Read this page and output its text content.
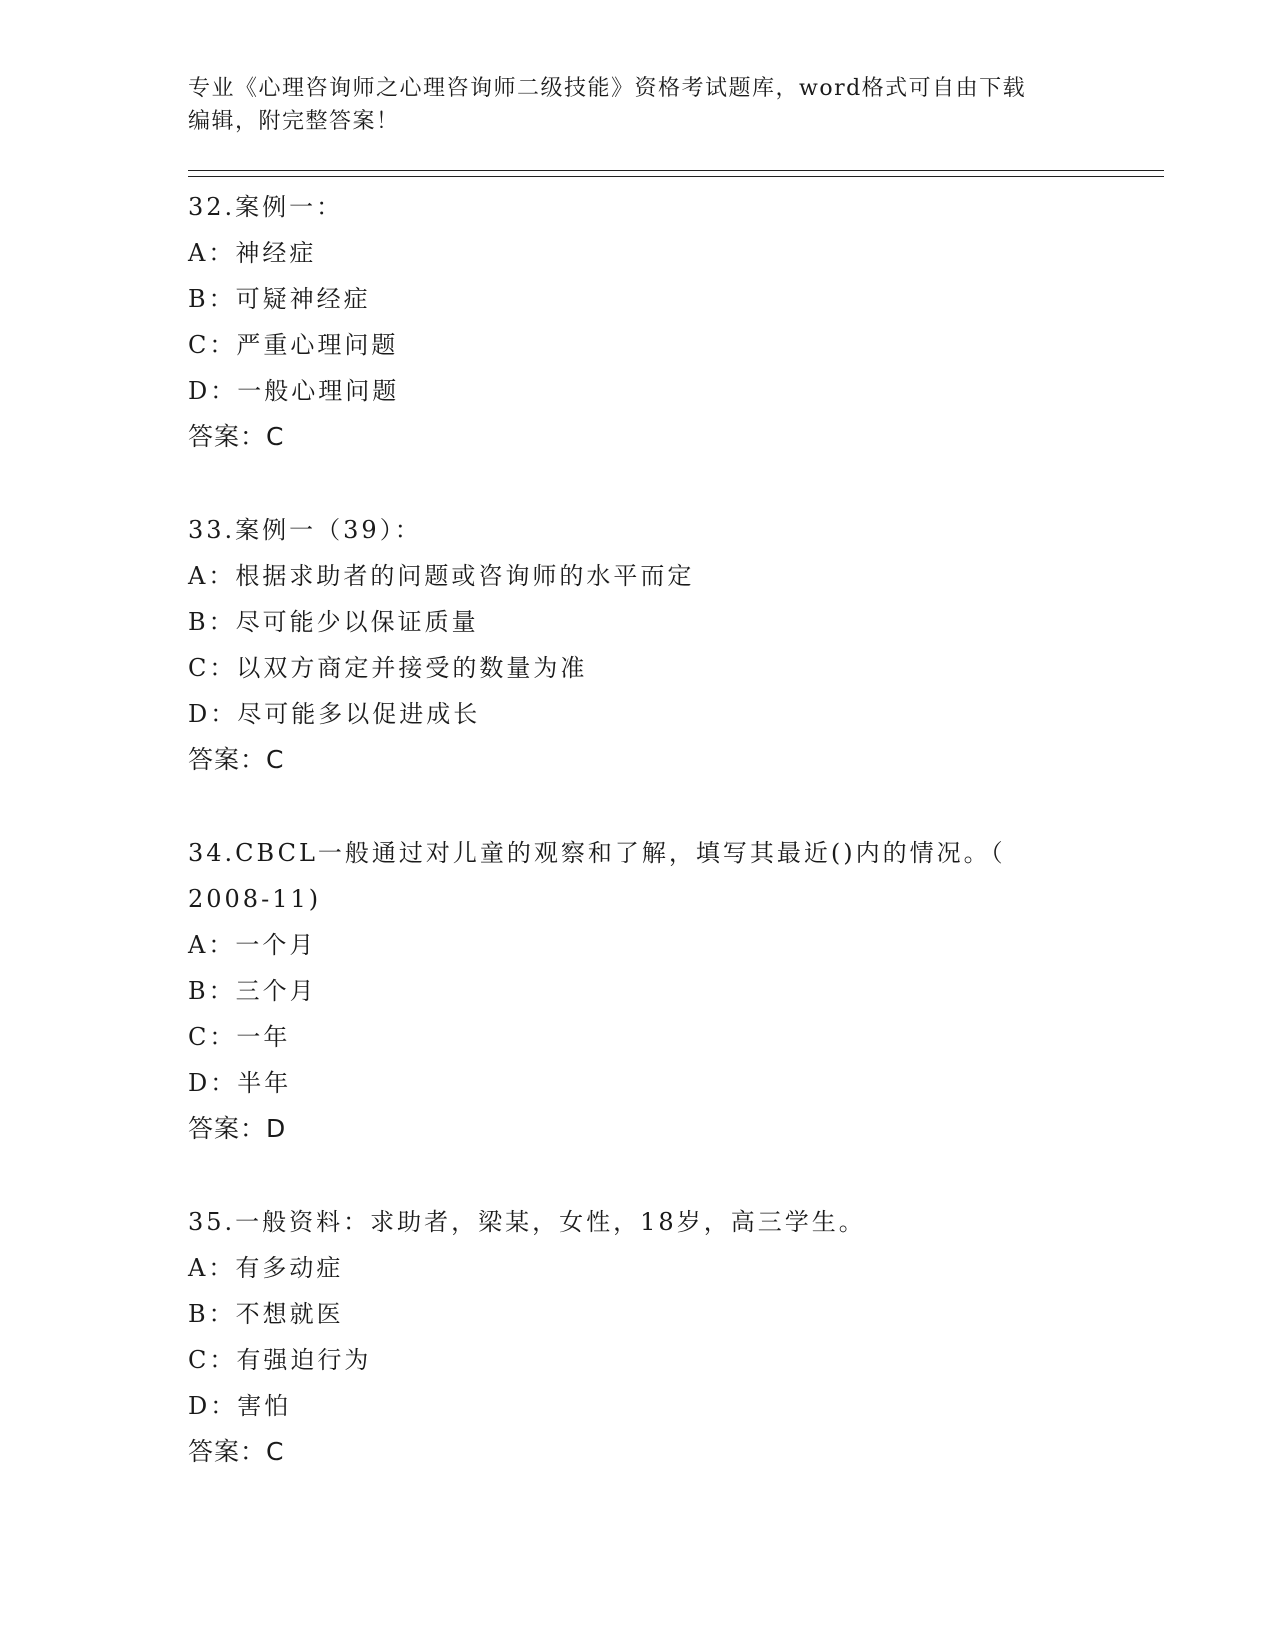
专业《心理咨询师之心理咨询师二级技能》资格考试题库，word格式可自由下载
编辑，附完整答案！
32.案例一：
A：神经症
B：可疑神经症
C：严重心理问题
D：一般心理问题
答案：C
33.案例一（39）：
A：根据求助者的问题或咨询师的水平而定
B：尽可能少以保证质量
C：以双方商定并接受的数量为准
D：尽可能多以促进成长
答案：C
34.CBCL一般通过对儿童的观察和了解，填写其最近()内的情况。（
2008-11)
A：一个月
B：三个月
C：一年
D：半年
答案：D
35.一般资料：求助者，梁某，女性，18岁，高三学生。
A：有多动症
B：不想就医
C：有强迫行为
D：害怕
答案：C
